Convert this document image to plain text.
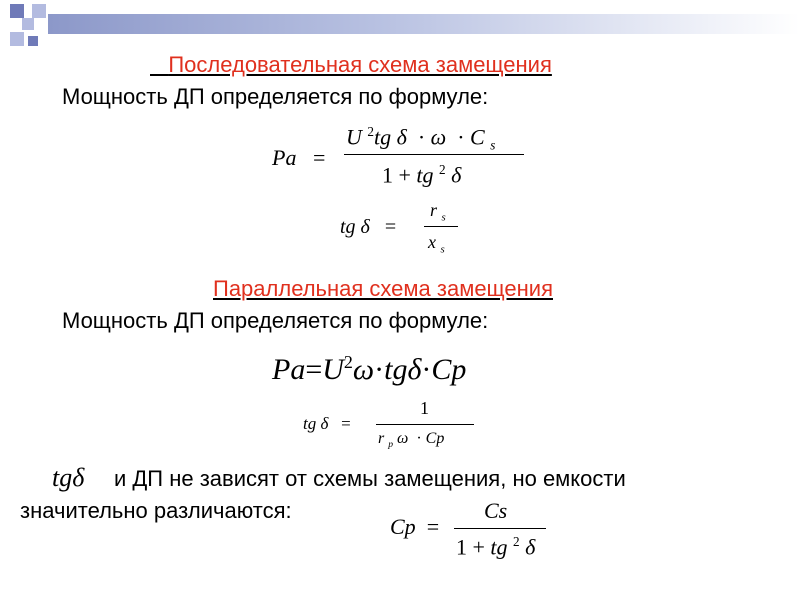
Последовательная схема замещения
Мощность ДП определяется по формуле:
Pa   =
U $^2$tg δ  · ω  · C $_s$
1 + tg $^2$ δ
tg δ   =
r $_s$
x $_s$
Параллельная схема замещения
Мощность ДП определяется по формуле:
$Pa=U^2\omega\cdot tg\delta\cdot Cp$
tg δ   =
1
r $_p$ ω  · Cp
tgδ и ДП не зависят от схемы замещения, но емкости
значительно различаются:
Cp  =
Cs
1 + tg $^2$ δ
